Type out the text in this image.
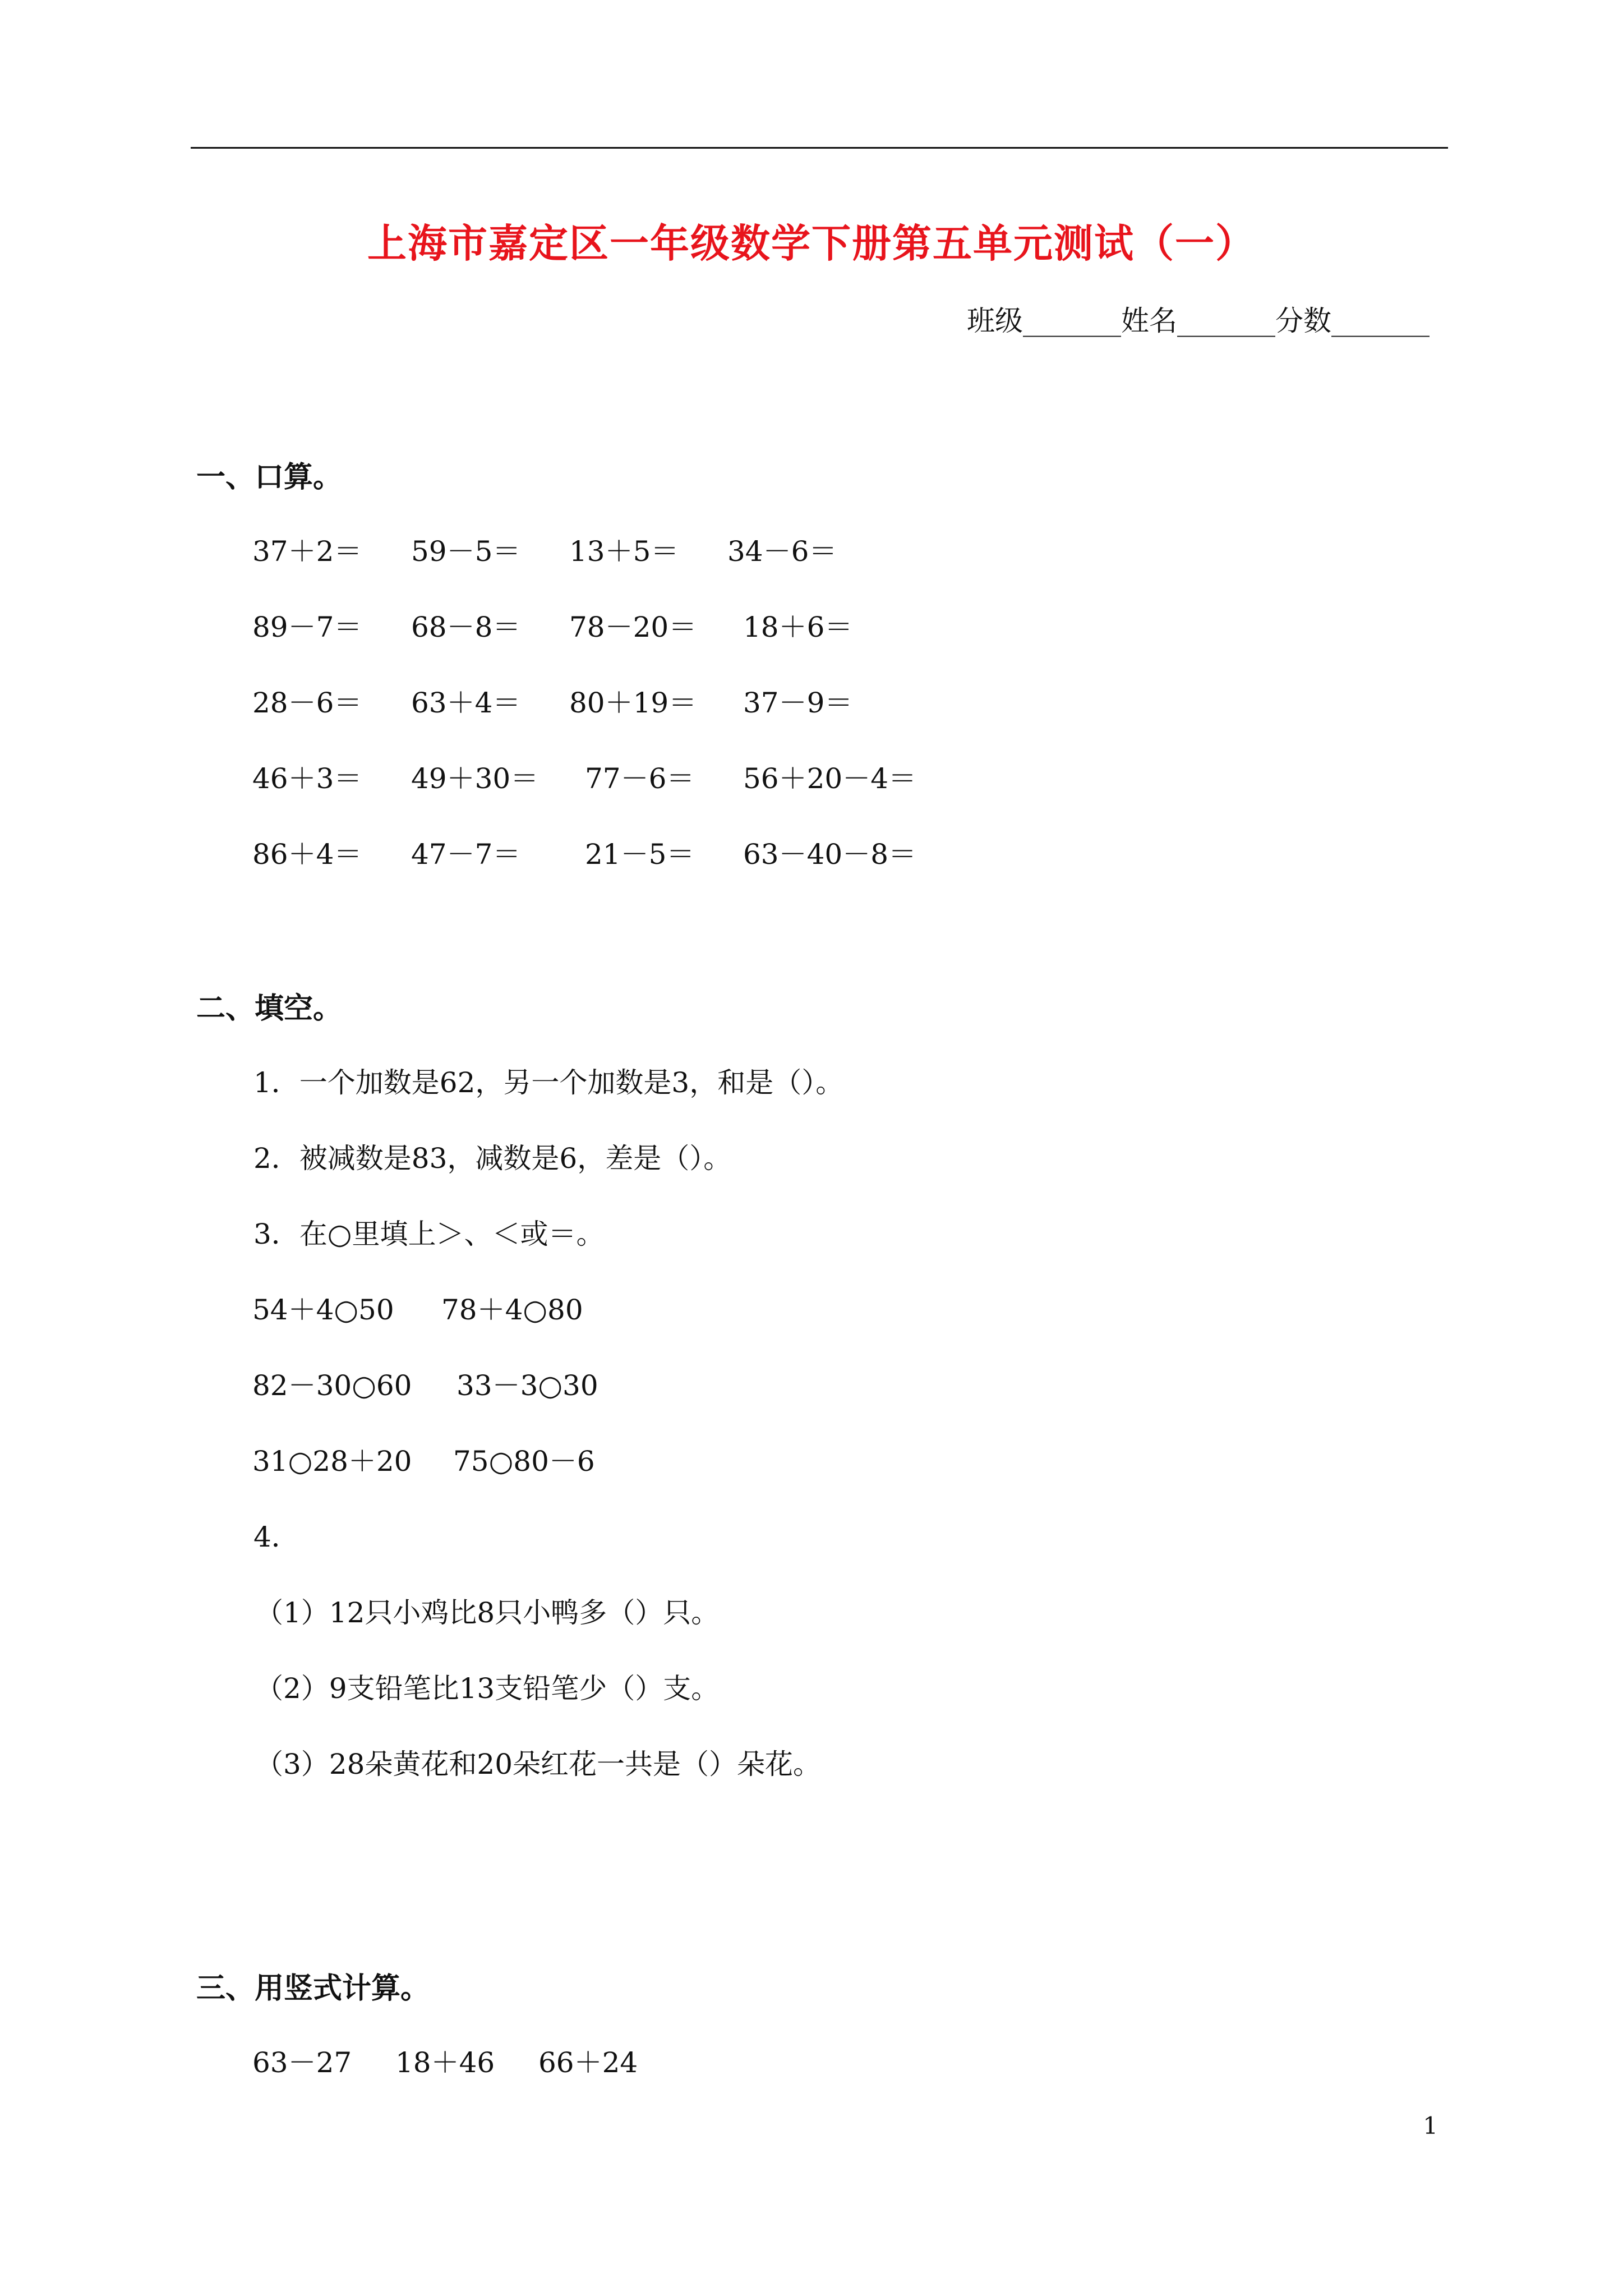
上海市嘉定区一年级数学下册第五单元测试（一）
班级_______姓名_______分数_______
一、口算。
37＋2＝ 59－5＝ 13＋5＝ 34－6＝
89－7＝ 68－8＝ 78－20＝ 18＋6＝
28－6＝ 63＋4＝ 80＋19＝ 37－9＝
46＋3＝ 49＋30＝ 77－6＝ 56＋20－4＝
86＋4＝ 47－7＝ 21－5＝ 63－40－8＝
二、填空。
1．一个加数是62，另一个加数是3，和是（）。
2．被减数是83，减数是6，差是（）。
3．在○里填上＞、＜或＝。
54＋4○50 78＋4○80
82－30○60 33－3○30
31○28＋20 75○80－6
4．
（1）12只小鸡比8只小鸭多（）只。
（2）9支铅笔比13支铅笔少（）支。
（3）28朵黄花和20朵红花一共是（）朵花。
三、用竖式计算。
63－27 18＋46 66＋24
1
